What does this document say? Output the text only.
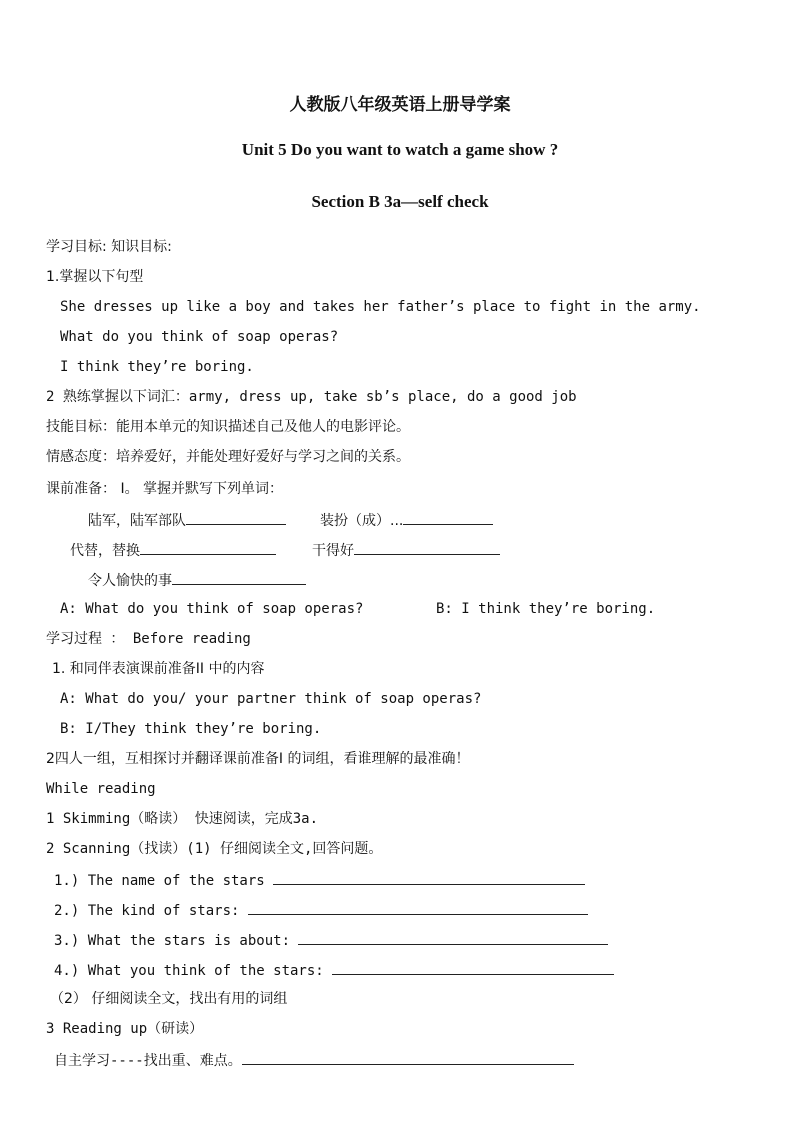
人教版八年级英语上册导学案
Unit 5 Do you want to watch a game show ?
Section B 3a—self check
学习目标: 知识目标:
1.掌握以下句型
She dresses up like a boy and takes her father’s place to fight in the army.
What do you think of soap operas?
I think they’re boring.
2 熟练掌握以下词汇：army, dress up, take sb’s place, do a good job
技能目标：能用本单元的知识描述自己及他人的电影评论。
情感态度：培养爱好，并能处理好爱好与学习之间的关系。
课前准备： I。 掌握并默写下列单词：
陆军，陆军部队	装扮（成）...
代替，替换	干得好
令人愉快的事
A: What do you think of soap operas?	B: I think they’re boring.
学习过程 ： Before reading
1. 和同伴表演课前准备II 中的内容
A: What do you/ your partner think of soap operas?
B: I/They think they’re boring.
2四人一组，互相探讨并翻译课前准备I 的词组，看谁理解的最准确！
While reading
1 Skimming（略读） 快速阅读，完成3a.
2 Scanning（找读）(1) 仔细阅读全文,回答问题。
1.) The name of the stars
2.) The kind of stars:
3.) What the stars is about:
4.) What you think of the stars:
（2） 仔细阅读全文，找出有用的词组
3 Reading up（研读）
自主学习----找出重、难点。
